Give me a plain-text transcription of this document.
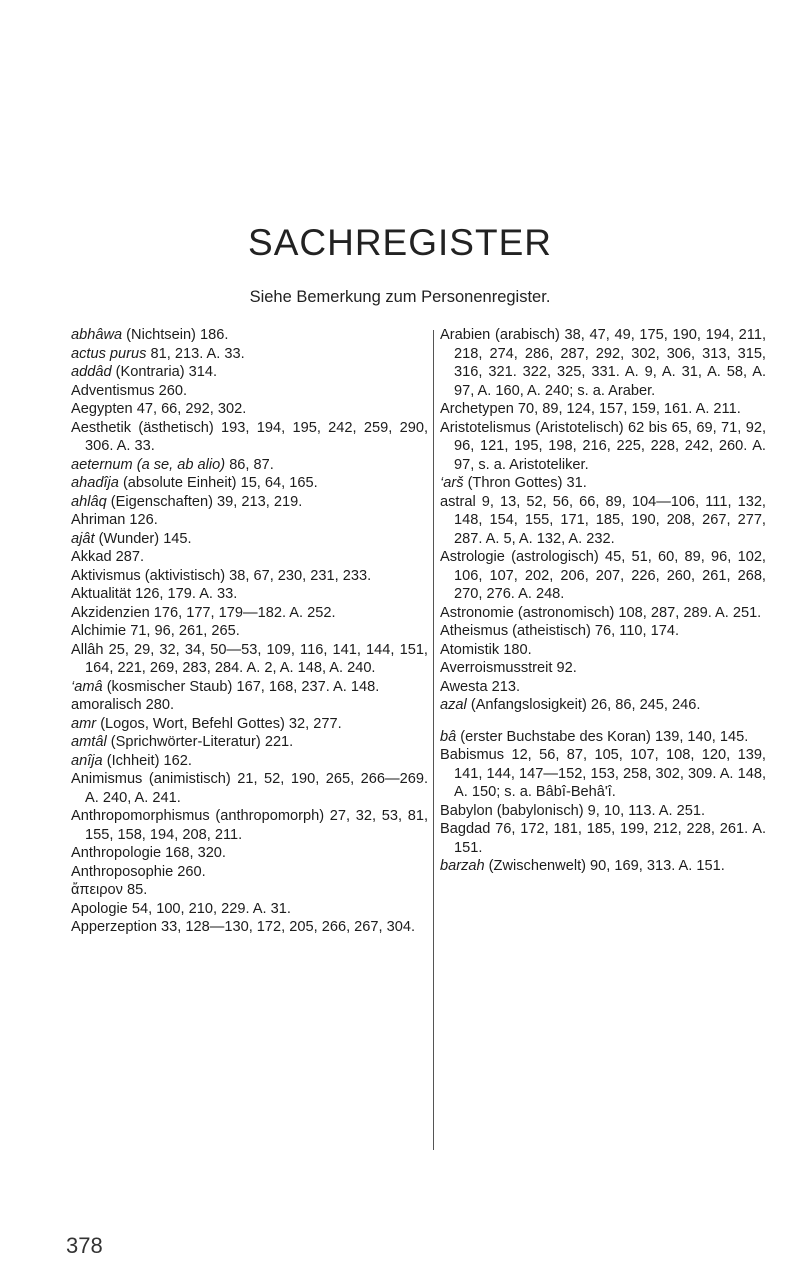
SACHREGISTER
Siehe Bemerkung zum Personenregister.
abhâwa (Nichtsein) 186.
actus purus 81, 213. A. 33.
addâd (Kontraria) 314.
Adventismus 260.
Aegypten 47, 66, 292, 302.
Aesthetik (ästhetisch) 193, 194, 195, 242, 259, 290, 306. A. 33.
aeternum (a se, ab alio) 86, 87.
ahadîja (absolute Einheit) 15, 64, 165.
ahlâq (Eigenschaften) 39, 213, 219.
Ahriman 126.
ajât (Wunder) 145.
Akkad 287.
Aktivismus (aktivistisch) 38, 67, 230, 231, 233.
Aktualität 126, 179. A. 33.
Akzidenzien 176, 177, 179—182. A. 252.
Alchimie 71, 96, 261, 265.
Allâh 25, 29, 32, 34, 50—53, 109, 116, 141, 144, 151, 164, 221, 269, 283, 284. A. 2, A. 148, A. 240.
‘amâ (kosmischer Staub) 167, 168, 237. A. 148.
amoralisch 280.
amr (Logos, Wort, Befehl Gottes) 32, 277.
amtâl (Sprichwörter-Literatur) 221.
anîja (Ichheit) 162.
Animismus (animistisch) 21, 52, 190, 265, 266—269. A. 240, A. 241.
Anthropomorphismus (anthropomorph) 27, 32, 53, 81, 155, 158, 194, 208, 211.
Anthropologie 168, 320.
Anthroposophie 260.
ἄπειρον 85.
Apologie 54, 100, 210, 229. A. 31.
Apperzeption 33, 128—130, 172, 205, 266, 267, 304.
Arabien (arabisch) 38, 47, 49, 175, 190, 194, 211, 218, 274, 286, 287, 292, 302, 306, 313, 315, 316, 321. 322, 325, 331. A. 9, A. 31, A. 58, A. 97, A. 160, A. 240; s. a. Araber.
Archetypen 70, 89, 124, 157, 159, 161. A. 211.
Aristotelismus (Aristotelisch) 62 bis 65, 69, 71, 92, 96, 121, 195, 198, 216, 225, 228, 242, 260. A. 97, s. a. Aristoteliker.
‘arš (Thron Gottes) 31.
astral 9, 13, 52, 56, 66, 89, 104—106, 111, 132, 148, 154, 155, 171, 185, 190, 208, 267, 277, 287. A. 5, A. 132, A. 232.
Astrologie (astrologisch) 45, 51, 60, 89, 96, 102, 106, 107, 202, 206, 207, 226, 260, 261, 268, 270, 276. A. 248.
Astronomie (astronomisch) 108, 287, 289. A. 251.
Atheismus (atheistisch) 76, 110, 174.
Atomistik 180.
Averroismusstreit 92.
Awesta 213.
azal (Anfangslosigkeit) 26, 86, 245, 246.
bâ (erster Buchstabe des Koran) 139, 140, 145.
Babismus 12, 56, 87, 105, 107, 108, 120, 139, 141, 144, 147—152, 153, 258, 302, 309. A. 148, A. 150; s. a. Bâbî-Behâ'î.
Babylon (babylonisch) 9, 10, 113. A. 251.
Bagdad 76, 172, 181, 185, 199, 212, 228, 261. A. 151.
barzah (Zwischenwelt) 90, 169, 313. A. 151.
378
